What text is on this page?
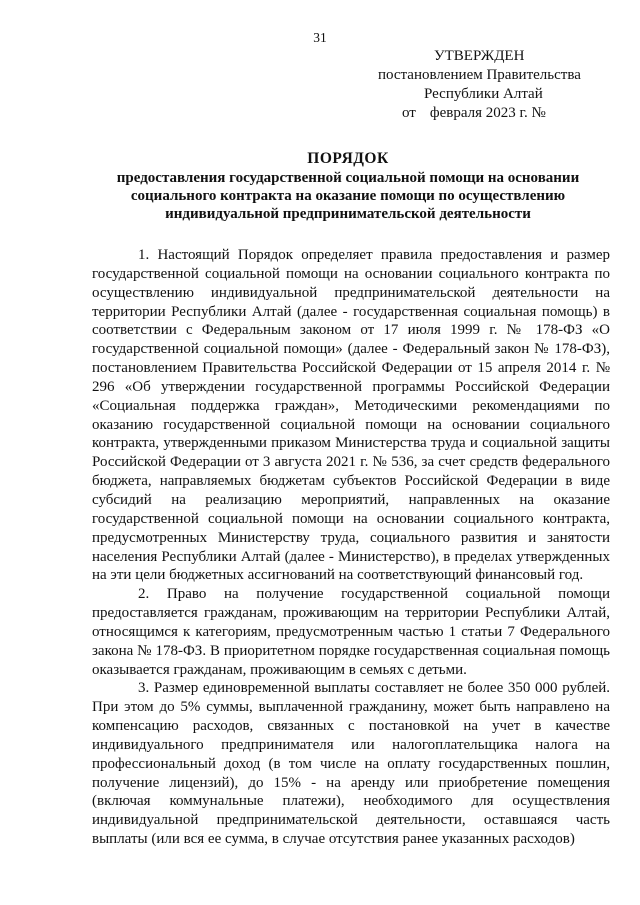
31
УТВЕРЖДЕН
постановлением Правительства
Республики Алтай
от февраля 2023 г. №
ПОРЯДОК
предоставления государственной социальной помощи на основании
социального контракта на оказание помощи по осуществлению
индивидуальной предпринимательской деятельности

1. Настоящий Порядок определяет правила предоставления и размер государственной социальной помощи на основании социального контракта по осуществлению индивидуальной предпринимательской деятельности на территории Республики Алтай (далее - государственная социальная помощь) в соответствии с Федеральным законом от 17 июля 1999 г. № 178-ФЗ «О государственной социальной помощи» (далее - Федеральный закон № 178-ФЗ), постановлением Правительства Российской Федерации от 15 апреля 2014 г. № 296 «Об утверждении государственной программы Российской Федерации «Социальная поддержка граждан», Методическими рекомендациями по оказанию государственной социальной помощи на основании социального контракта, утвержденными приказом Министерства труда и социальной защиты Российской Федерации от 3 августа 2021 г. № 536, за счет средств федерального бюджета, направляемых бюджетам субъектов Российской Федерации в виде субсидий на реализацию мероприятий, направленных на оказание государственной социальной помощи на основании социального контракта, предусмотренных Министерству труда, социального развития и занятости населения Республики Алтай (далее - Министерство), в пределах утвержденных на эти цели бюджетных ассигнований на соответствующий финансовый год.

2. Право на получение государственной социальной помощи предоставляется гражданам, проживающим на территории Республики Алтай, относящимся к категориям, предусмотренным частью 1 статьи 7 Федерального закона № 178-ФЗ. В приоритетном порядке государственная социальная помощь оказывается гражданам, проживающим в семьях с детьми.

3. Размер единовременной выплаты составляет не более 350 000 рублей. При этом до 5% суммы, выплаченной гражданину, может быть направлено на компенсацию расходов, связанных с постановкой на учет в качестве индивидуального предпринимателя или налогоплательщика налога на профессиональный доход (в том числе на оплату государственных пошлин, получение лицензий), до 15% - на аренду или приобретение помещения (включая коммунальные платежи), необходимого для осуществления индивидуальной предпринимательской деятельности, оставшаяся часть выплаты (или вся ее сумма, в случае отсутствия ранее указанных расходов)
